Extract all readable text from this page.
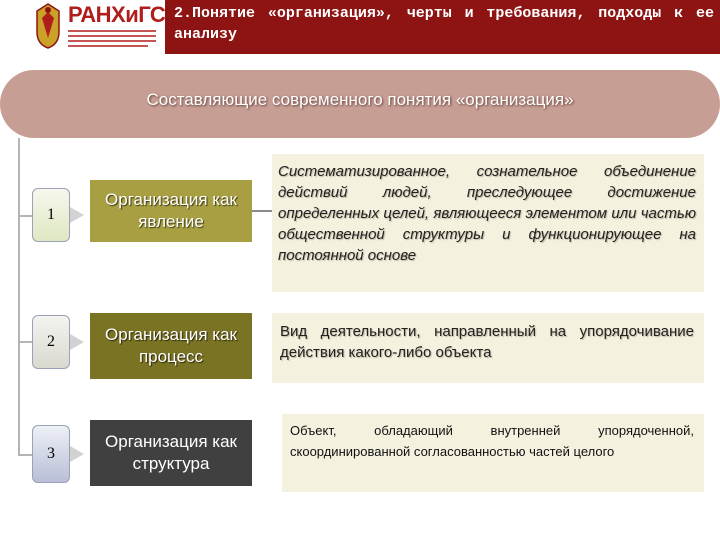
РАНХиГС 2.Понятие «организация», черты и требования, подходы к ее анализу
Составляющие современного понятия «организация»
1
Организация как явление
Систематизированное, сознательное объединение действий людей, преследующее достижение определенных целей, являющееся элементом или частью общественной структуры и функционирующее на постоянной основе
2	Организация как процесс
Вид деятельности, направленный на упорядочивание действия какого-либо объекта
3
Организация как структура
Объект, обладающий внутренней упорядоченной, скоординированной согласованностью частей целого
